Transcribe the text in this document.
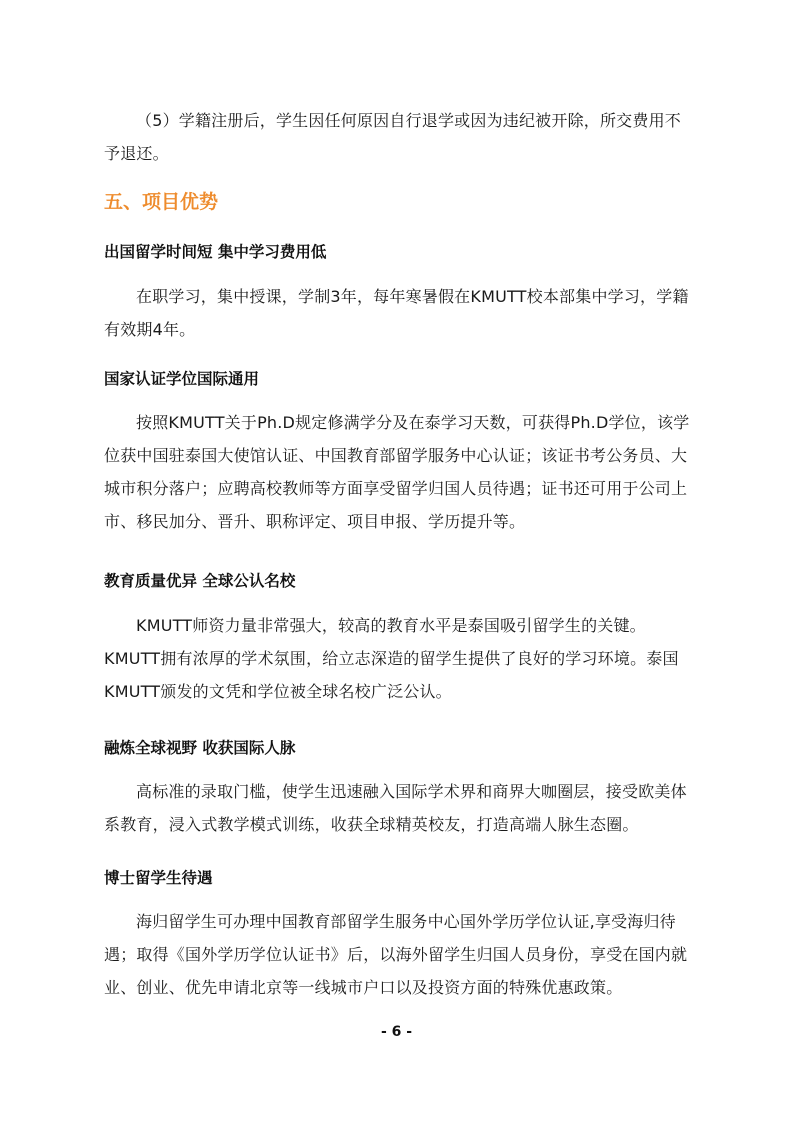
（5）学籍注册后，学生因任何原因自行退学或因为违纪被开除，所交费用不予退还。

五、项目优势
出国留学时间短 集中学习费用低

在职学习，集中授课，学制3年，每年寒暑假在KMUTT校本部集中学习，学籍有效期4年。

国家认证学位国际通用

按照KMUTT关于Ph.D规定修满学分及在泰学习天数，可获得Ph.D学位，该学位获中国驻泰国大使馆认证、中国教育部留学服务中心认证；该证书考公务员、大城市积分落户；应聘高校教师等方面享受留学归国人员待遇；证书还可用于公司上市、移民加分、晋升、职称评定、项目申报、学历提升等。

教育质量优异 全球公认名校

KMUTT师资力量非常强大，较高的教育水平是泰国吸引留学生的关键。KMUTT拥有浓厚的学术氛围，给立志深造的留学生提供了良好的学习环境。泰国KMUTT颁发的文凭和学位被全球名校广泛公认。

融炼全球视野 收获国际人脉

高标准的录取门槛，使学生迅速融入国际学术界和商界大咖圈层，接受欧美体系教育，浸入式教学模式训练，收获全球精英校友，打造高端人脉生态圈。

博士留学生待遇

海归留学生可办理中国教育部留学生服务中心国外学历学位认证,享受海归待遇；取得《国外学历学位认证书》后，以海外留学生归国人员身份，享受在国内就业、创业、优先申请北京等一线城市户口以及投资方面的特殊优惠政策。

- 6 -
